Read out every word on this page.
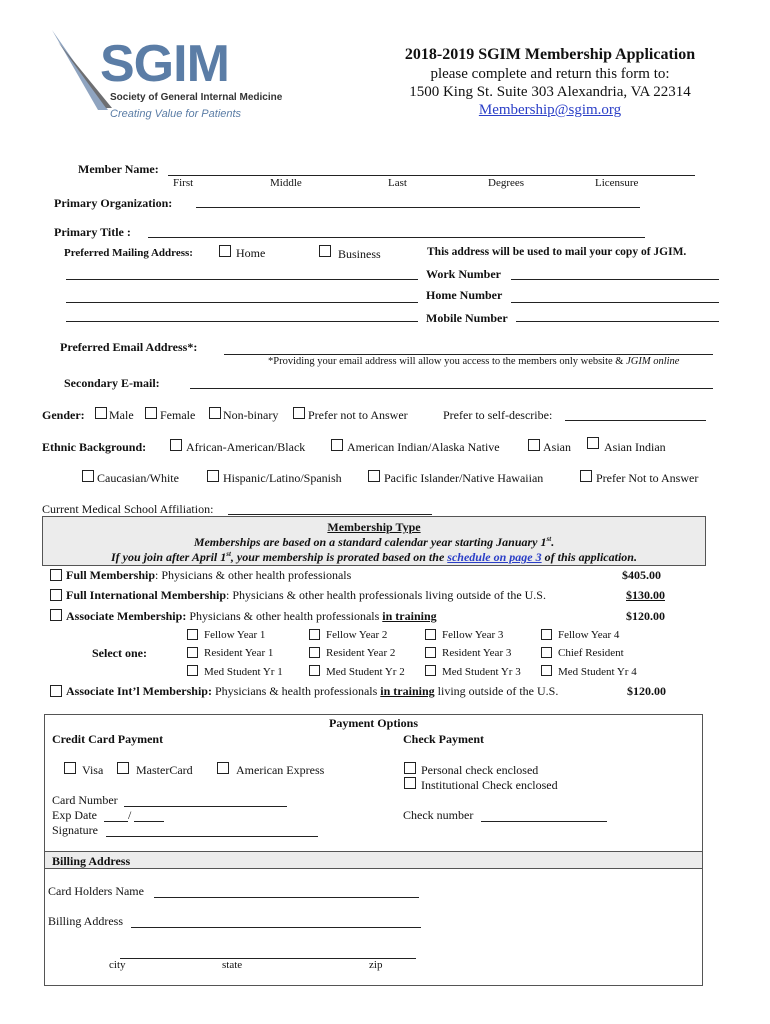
SGIM
Society of General Internal Medicine
Creating Value for Patients
2018-2019 SGIM Membership Application
please complete and return this form to:
1500 King St. Suite 303 Alexandria, VA 22314
Membership@sgim.org
Member Name:
First	Middle	Last	Degrees	Licensure
Primary Organization:
Primary Title :
Preferred Mailing Address:	Home	Business	This address will be used to mail your copy of JGIM.
Work Number
Home Number
Mobile Number
Preferred Email Address*:
*Providing your email address will allow you access to the members only website & JGIM online
Secondary E-mail:
Gender: Male Female Non-binary Prefer not to Answer	Prefer to self-describe:
Ethnic Background:	African-American/Black	American Indian/Alaska Native	Asian	Asian Indian
Caucasian/White	Hispanic/Latino/Spanish	Pacific Islander/Native Hawaiian	Prefer Not to Answer
Current Medical School Affiliation:
Membership Type
Memberships are based on a standard calendar year starting January 1st.
If you join after April 1st, your membership is prorated based on the schedule on page 3 of this application.
Full Membership: Physicians & other health professionals	$405.00
Full International Membership: Physicians & other health professionals living outside of the U.S.	$130.00
Associate Membership: Physicians & other health professionals in training	$120.00
Select one:
Fellow Year 1	Fellow Year 2	Fellow Year 3	Fellow Year 4
Resident Year 1	Resident Year 2	Resident Year 3	Chief Resident
Med Student Yr 1	Med Student Yr 2	Med Student Yr 3	Med Student Yr 4
Associate Int’l Membership: Physicians & health professionals in training living outside of the U.S.	$120.00
Payment Options
Credit Card Payment	Check Payment
Visa	MasterCard	American Express	Personal check enclosed
Institutional Check enclosed
Card Number
Exp Date	/
Signature
Check number
Billing Address
Card Holders Name
Billing Address
city	state	zip
